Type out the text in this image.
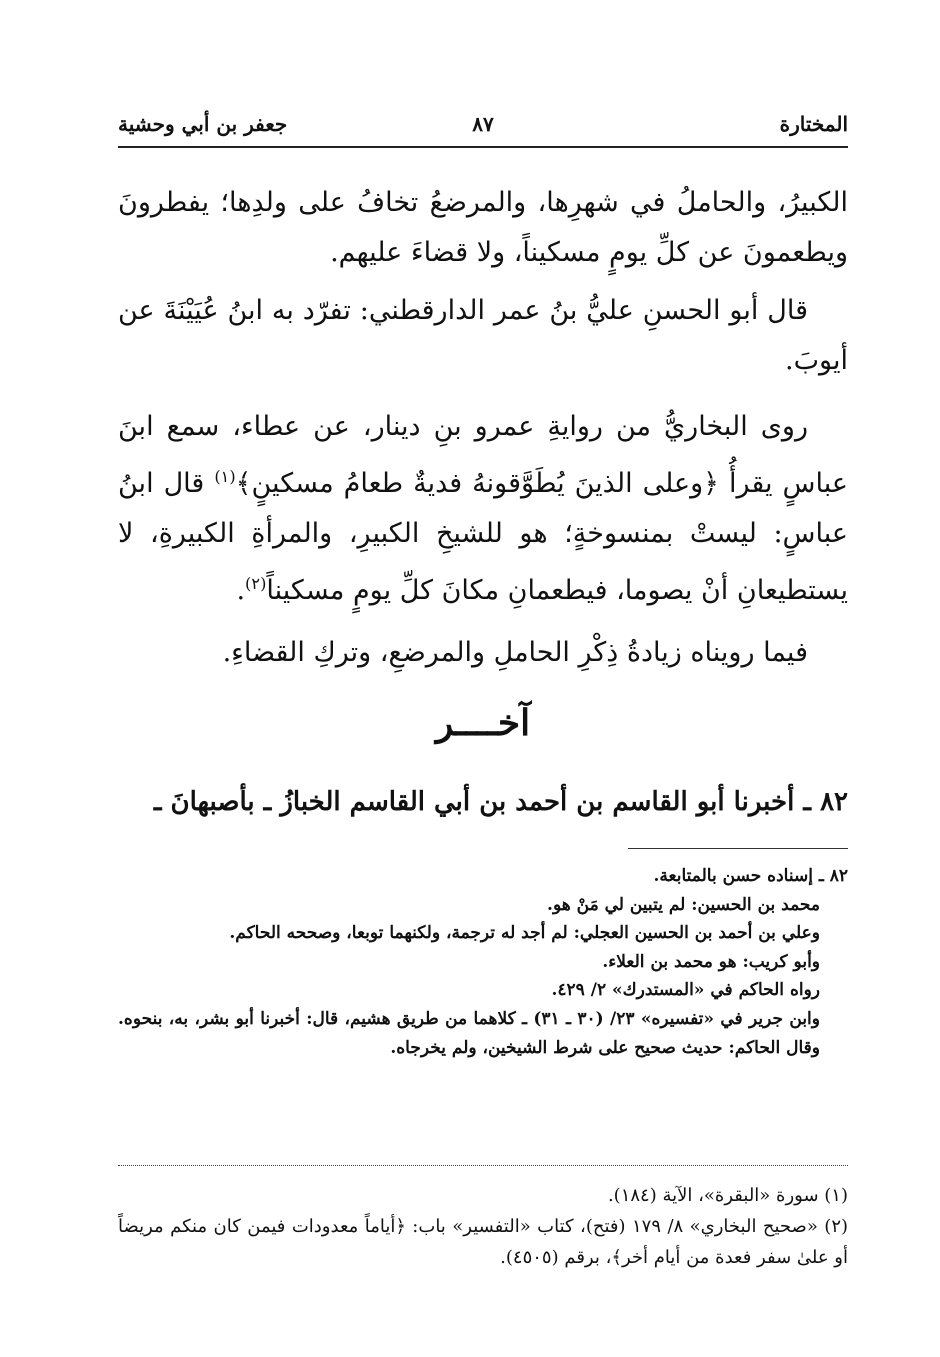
المختارة
٨٧
جعفر بن أبي وحشية

الكبيرُ، والحاملُ في شهرِها، والمرضعُ تخافُ على ولدِها؛ يفطرونَ ويطعمونَ عن كلِّ يومٍ مسكيناً، ولا قضاءَ عليهم.

قال أبو الحسنِ عليُّ بنُ عمر الدارقطني: تفرّد به ابنُ عُيَيْنَةَ عن أيوبَ.

روى البخاريُّ من روايةِ عمرو بنِ دينار، عن عطاء، سمع ابنَ عباسٍ يقرأُ ﴿وعلى الذينَ يُطَوَّقونهُ فديةٌ طعامُ مسكينٍ﴾$^{(١)}$ قال ابنُ عباسٍ: ليستْ بمنسوخةٍ؛ هو للشيخِ الكبيرِ، والمرأةِ الكبيرةِ، لا يستطيعانِ أنْ يصوما، فيطعمانِ مكانَ كلِّ يومٍ مسكيناً$^{(٢)}$.

فيما رويناه زيادةُ ذِكْرِ الحاملِ والمرضعِ، وتركِ القضاءِ.

آخــــر
٨٢ ـ أخبرنا أبو القاسم بن أحمد بن أبي القاسم الخبازُ ـ بأصبهانَ ـ

٨٢ ـ إسناده حسن بالمتابعة.

محمد بن الحسين: لم يتبين لي مَنْ هو.

وعلي بن أحمد بن الحسين العجلي: لم أجد له ترجمة، ولكنهما توبعا، وصححه الحاكم.

وأبو كريب: هو محمد بن العلاء.

رواه الحاكم في «المستدرك» ٢/ ٤٢٩.

وابن جرير في «تفسيره» ٢٣/ (٣٠ ـ ٣١) ـ كلاهما من طريق هشيم، قال: أخبرنا أبو بشر، به، بنحوه. وقال الحاكم: حديث صحيح على شرط الشيخين، ولم يخرجاه.

(١) سورة «البقرة»، الآية (١٨٤).

(٢) «صحيح البخاري» ٨/ ١٧٩ (فتح)، كتاب «التفسير» باب: ﴿أياماً معدودات فيمن كان منكم مريضاً أو علىٰ سفر فعدة من أيام أخر﴾، برقم (٤٥٠٥).
